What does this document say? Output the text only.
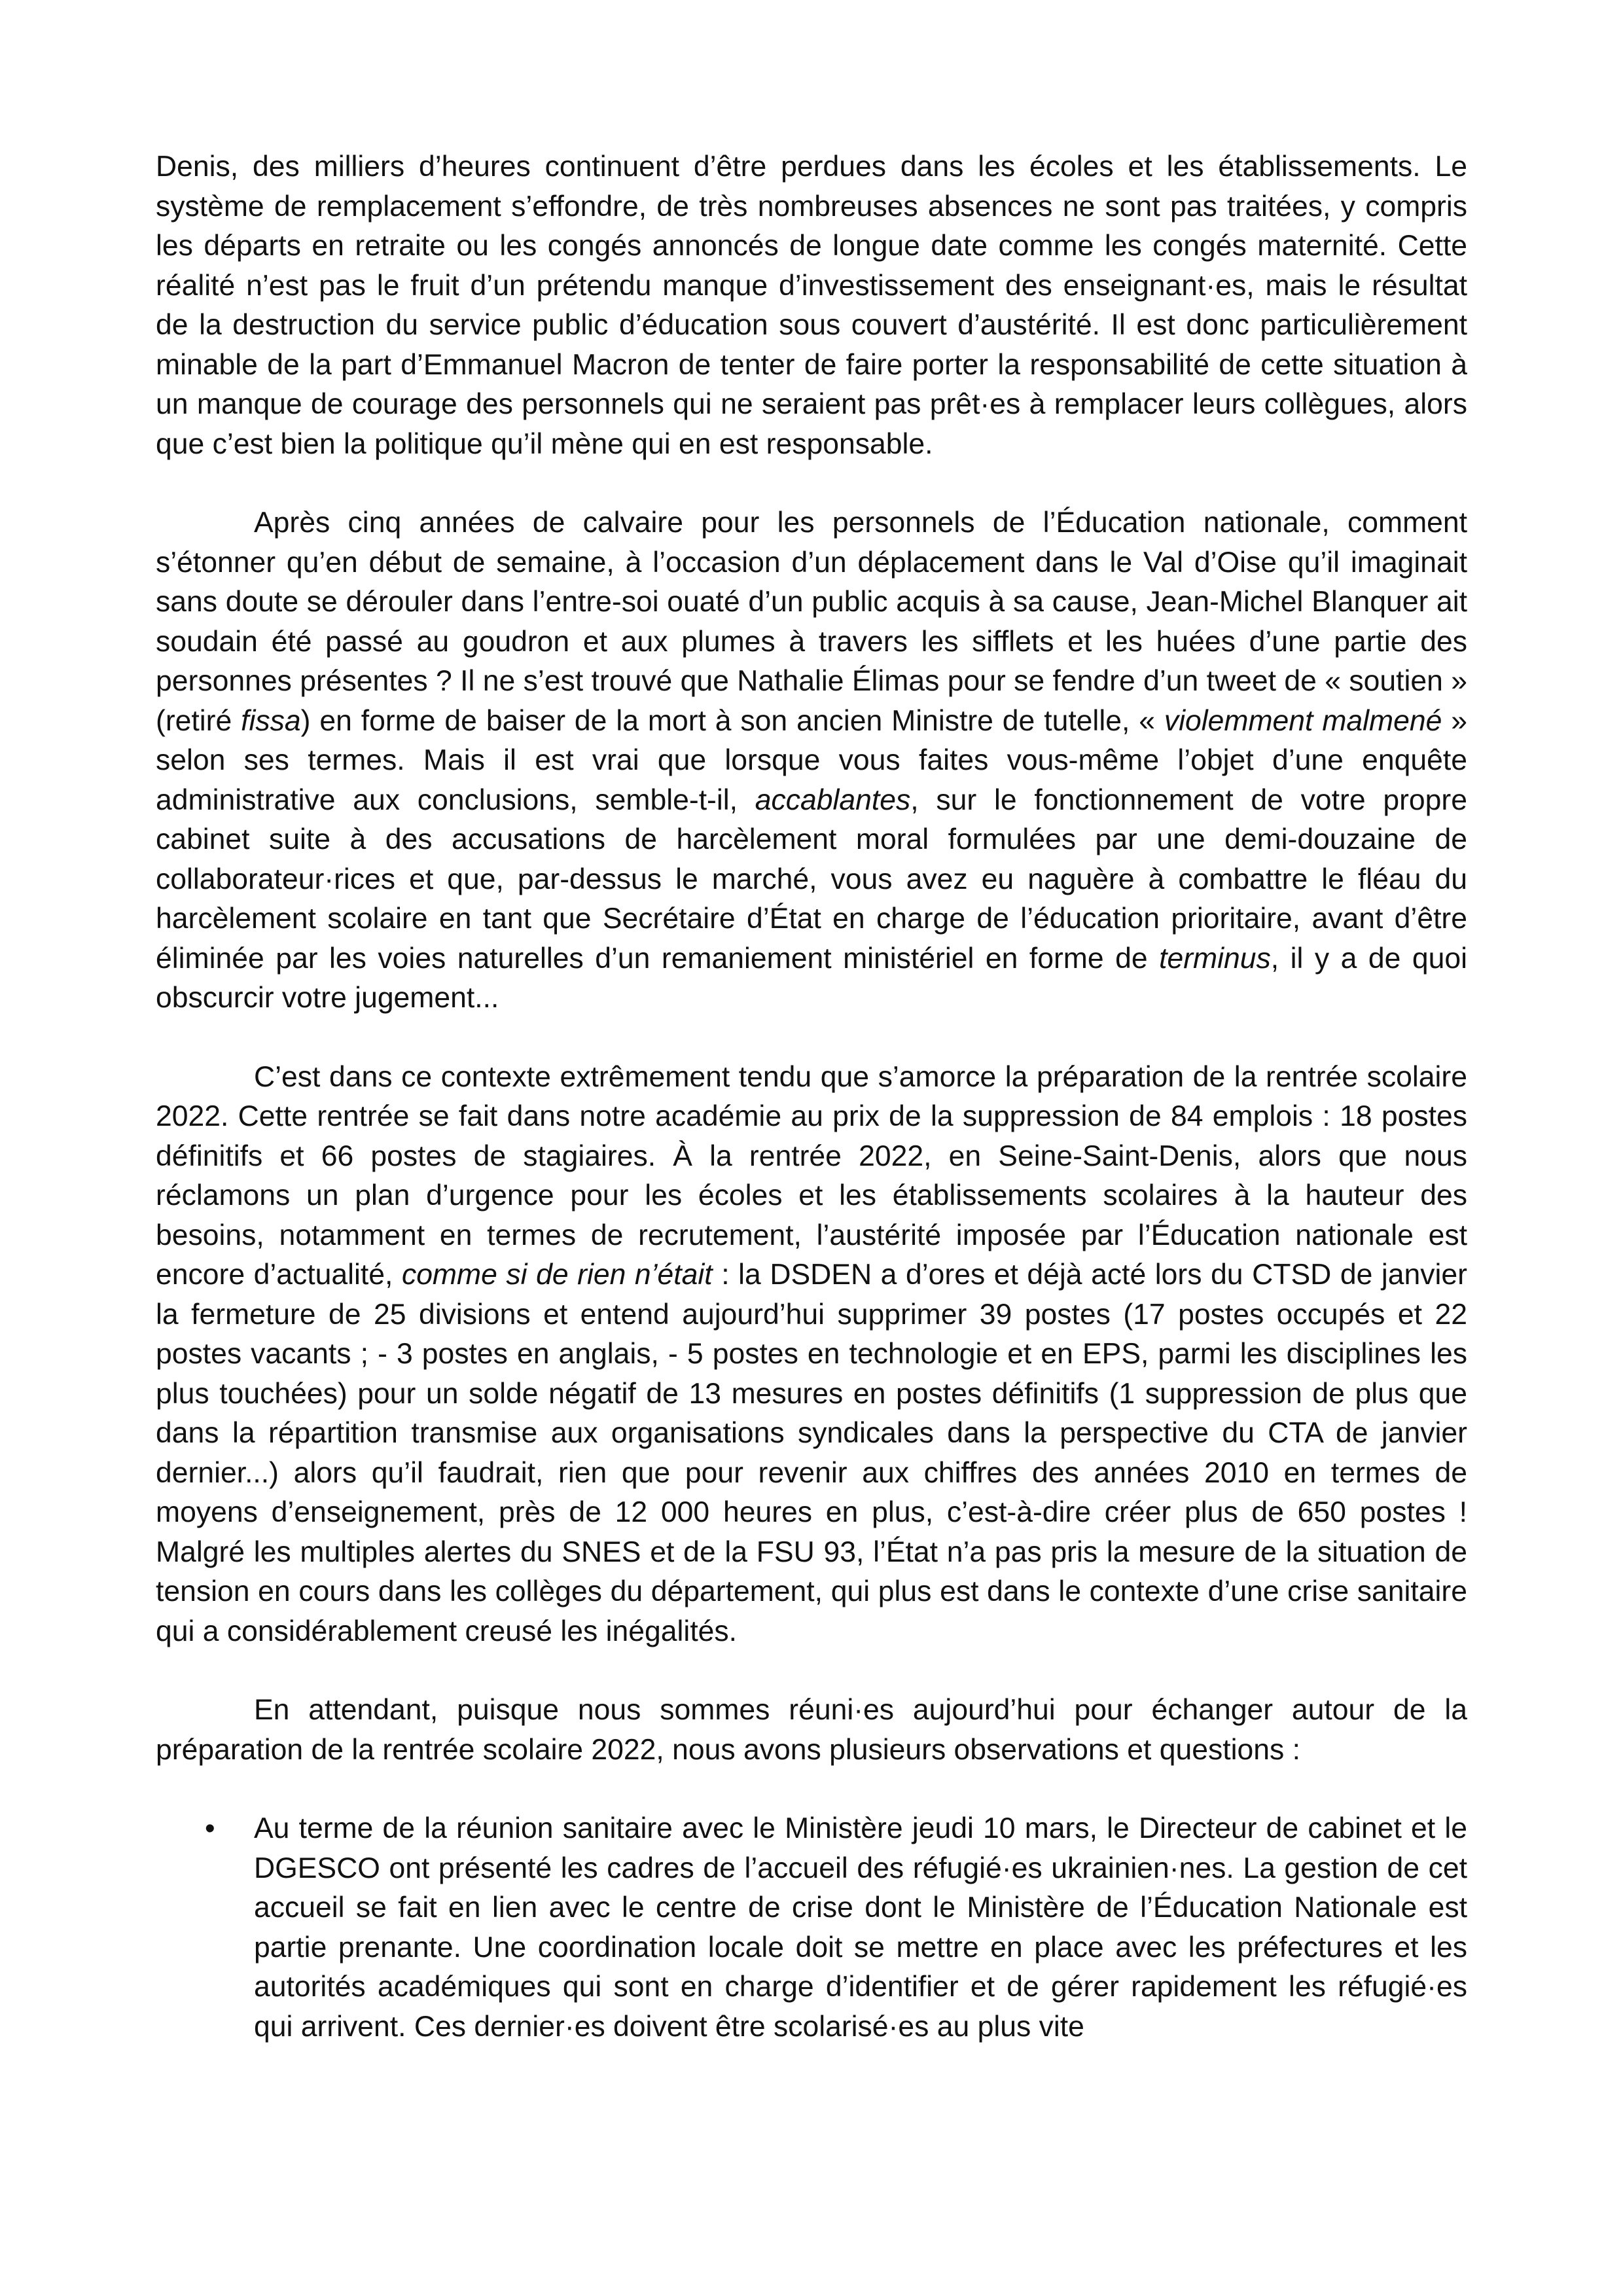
Denis, des milliers d’heures continuent d’être perdues dans les écoles et les établissements. Le système de remplacement s’effondre, de très nombreuses absences ne sont pas traitées, y compris les départs en retraite ou les congés annoncés de longue date comme les congés maternité. Cette réalité n’est pas le fruit d’un prétendu manque d’investissement des enseignant·es, mais le résultat de la destruction du service public d’éducation sous couvert d’austérité. Il est donc particulièrement minable de la part d’Emmanuel Macron de tenter de faire porter la responsabilité de cette situation à un manque de courage des personnels qui ne seraient pas prêt·es à remplacer leurs collègues, alors que c’est bien la politique qu’il mène qui en est responsable.

Après cinq années de calvaire pour les personnels de l’Éducation nationale, comment s’étonner qu’en début de semaine, à l’occasion d’un déplacement dans le Val d’Oise qu’il imaginait sans doute se dérouler dans l’entre-soi ouaté d’un public acquis à sa cause, Jean-Michel Blanquer ait soudain été passé au goudron et aux plumes à travers les sifflets et les huées d’une partie des personnes présentes ? Il ne s’est trouvé que Nathalie Élimas pour se fendre d’un tweet de « soutien » (retiré fissa) en forme de baiser de la mort à son ancien Ministre de tutelle, « violemment malmené » selon ses termes. Mais il est vrai que lorsque vous faites vous-même l’objet d’une enquête administrative aux conclusions, semble-t-il, accablantes, sur le fonctionnement de votre propre cabinet suite à des accusations de harcèlement moral formulées par une demi-douzaine de collaborateur·rices et que, par-dessus le marché, vous avez eu naguère à combattre le fléau du harcèlement scolaire en tant que Secrétaire d’État en charge de l’éducation prioritaire, avant d’être éliminée par les voies naturelles d’un remaniement ministériel en forme de terminus, il y a de quoi obscurcir votre jugement...

C’est dans ce contexte extrêmement tendu que s’amorce la préparation de la rentrée scolaire 2022. Cette rentrée se fait dans notre académie au prix de la suppression de 84 emplois : 18 postes définitifs et 66 postes de stagiaires. À la rentrée 2022, en Seine-Saint-Denis, alors que nous réclamons un plan d’urgence pour les écoles et les établissements scolaires à la hauteur des besoins, notamment en termes de recrutement, l’austérité imposée par l’Éducation nationale est encore d’actualité, comme si de rien n’était : la DSDEN a d’ores et déjà acté lors du CTSD de janvier la fermeture de 25 divisions et entend aujourd’hui supprimer 39 postes (17 postes occupés et 22 postes vacants ; - 3 postes en anglais, - 5 postes en technologie et en EPS, parmi les disciplines les plus touchées) pour un solde négatif de 13 mesures en postes définitifs (1 suppression de plus que dans la répartition transmise aux organisations syndicales dans la perspective du CTA de janvier dernier...) alors qu’il faudrait, rien que pour revenir aux chiffres des années 2010 en termes de moyens d’enseignement, près de 12 000 heures en plus, c’est-à-dire créer plus de 650 postes ! Malgré les multiples alertes du SNES et de la FSU 93, l’État n’a pas pris la mesure de la situation de tension en cours dans les collèges du département, qui plus est dans le contexte d’une crise sanitaire qui a considérablement creusé les inégalités.

En attendant, puisque nous sommes réuni·es aujourd’hui pour échanger autour de la préparation de la rentrée scolaire 2022, nous avons plusieurs observations et questions :

• Au terme de la réunion sanitaire avec le Ministère jeudi 10 mars, le Directeur de cabinet et le DGESCO ont présenté les cadres de l’accueil des réfugié·es ukrainien·nes. La gestion de cet accueil se fait en lien avec le centre de crise dont le Ministère de l’Éducation Nationale est partie prenante. Une coordination locale doit se mettre en place avec les préfectures et les autorités académiques qui sont en charge d’identifier et de gérer rapidement les réfugié·es qui arrivent. Ces dernier·es doivent être scolarisé·es au plus vite
